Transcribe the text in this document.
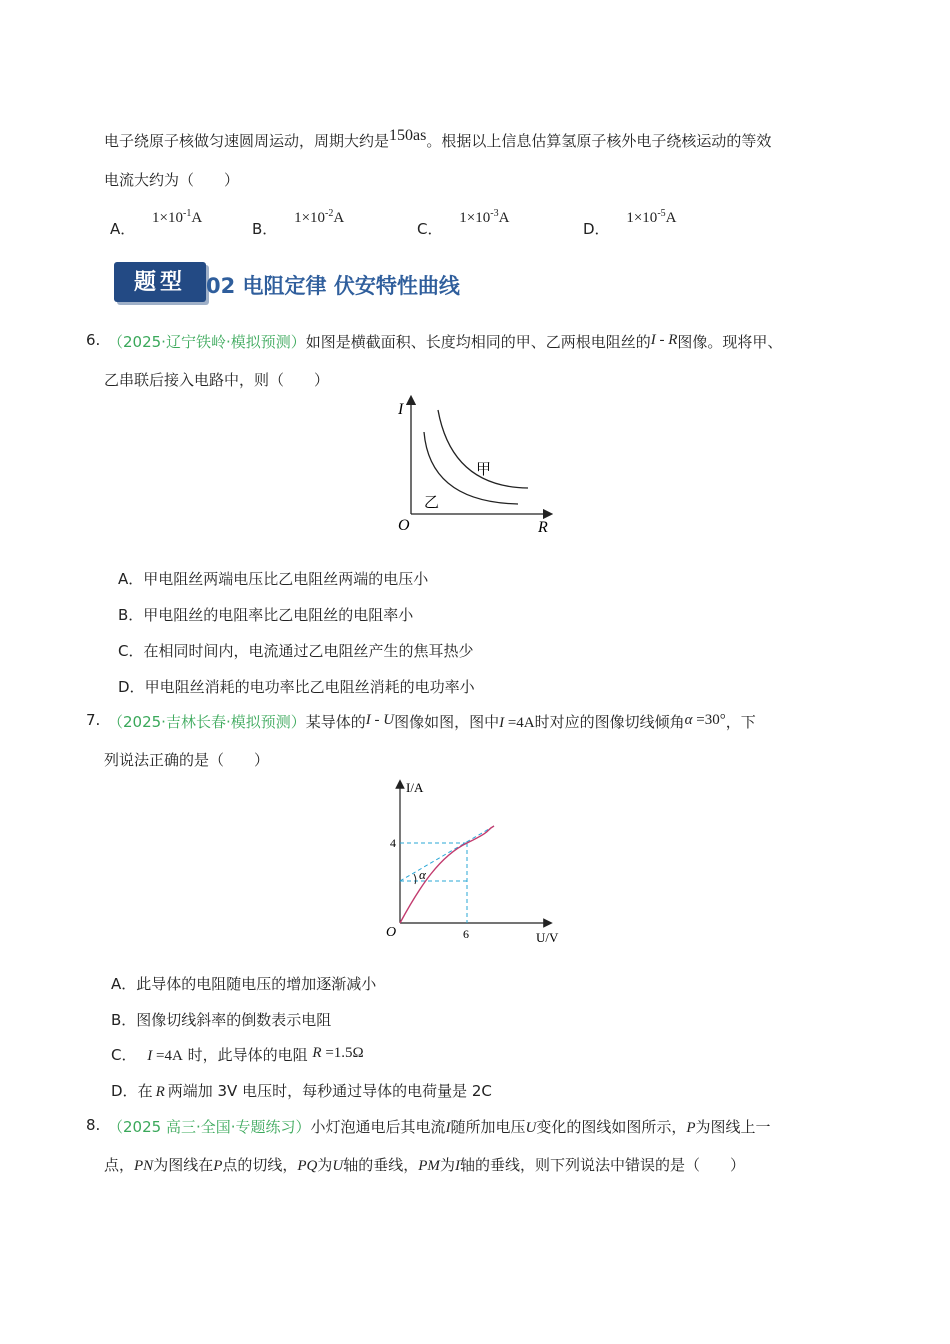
电子绕原子核做匀速圆周运动，周期大约是150as。根据以上信息估算氢原子核外电子绕核运动的等效
电流大约为（　　）
A． $1\times 10^{-1}A$
B． $1\times 10^{-2}A$
C． $1\times 10^{-3}A$
D． $1\times 10^{-5}A$
题型 02 电阻定律 伏安特性曲线
6. （2025·辽宁铁岭·模拟预测）如图是横截面积、长度均相同的甲、乙两根电阻丝的I - R图像。现将甲、
乙串联后接入电路中，则（　　）
I
R
O
甲
乙
A．甲电阻丝两端电压比乙电阻丝两端的电压小
B．甲电阻丝的电阻率比乙电阻丝的电阻率小
C．在相同时间内，电流通过乙电阻丝产生的焦耳热少
D．甲电阻丝消耗的电功率比乙电阻丝消耗的电功率小
7. （2025·吉林长春·模拟预测）某导体的I - U图像如图，图中I =4A时对应的图像切线倾角α =30°，下
列说法正确的是（　　）
α
I/A
U/V
O
4
6
A．此导体的电阻随电压的增加逐渐减小
B．图像切线斜率的倒数表示电阻
C． I =4A 时，此导体的电阻 R =1.5Ω
D．在 R 两端加 3V 电压时，每秒通过导体的电荷量是 2C
8. （2025 高三·全国·专题练习）小灯泡通电后其电流I随所加电压U变化的图线如图所示，P为图线上一
点，PN为图线在P点的切线，PQ为U轴的垂线，PM为I轴的垂线，则下列说法中错误的是（　　）
